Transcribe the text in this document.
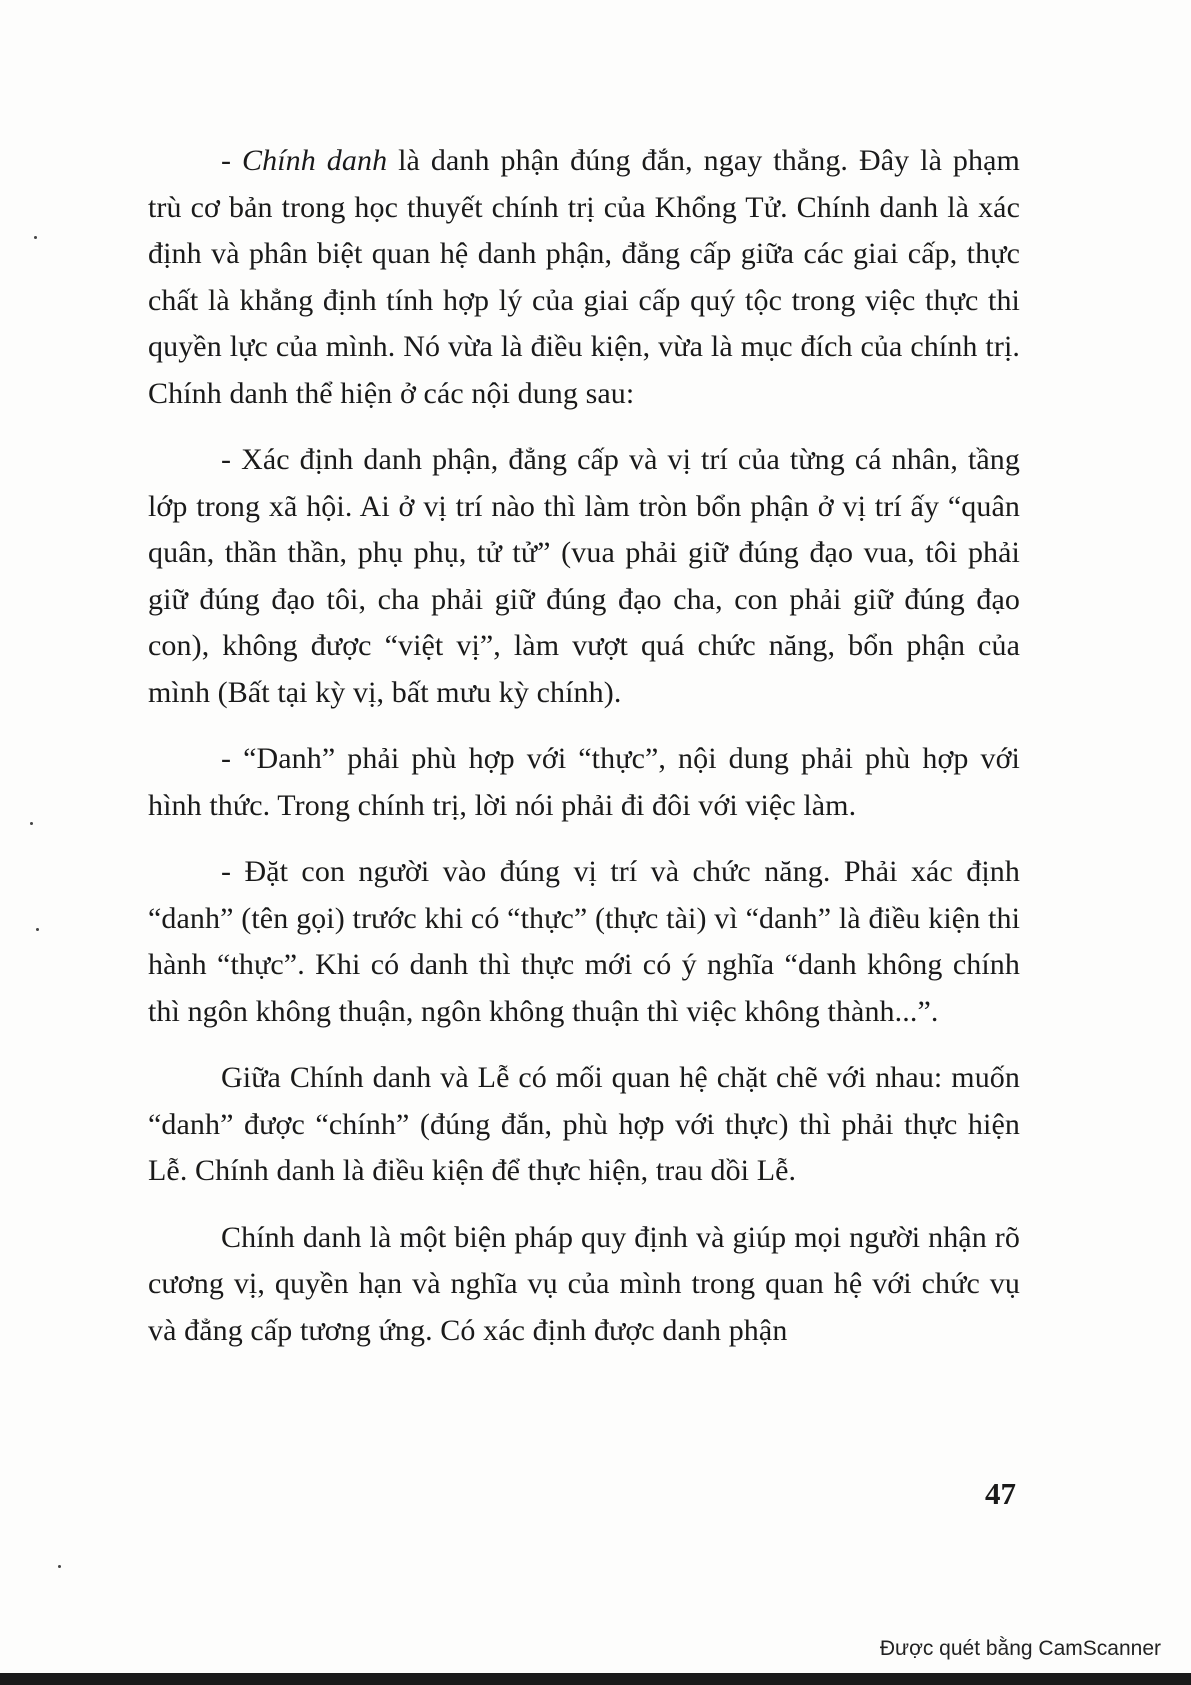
- Chính danh là danh phận đúng đắn, ngay thẳng. Đây là phạm trù cơ bản trong học thuyết chính trị của Khổng Tử. Chính danh là xác định và phân biệt quan hệ danh phận, đẳng cấp giữa các giai cấp, thực chất là khẳng định tính hợp lý của giai cấp quý tộc trong việc thực thi quyền lực của mình. Nó vừa là điều kiện, vừa là mục đích của chính trị. Chính danh thể hiện ở các nội dung sau:

- Xác định danh phận, đẳng cấp và vị trí của từng cá nhân, tầng lớp trong xã hội. Ai ở vị trí nào thì làm tròn bổn phận ở vị trí ấy “quân quân, thần thần, phụ phụ, tử tử” (vua phải giữ đúng đạo vua, tôi phải giữ đúng đạo tôi, cha phải giữ đúng đạo cha, con phải giữ đúng đạo con), không được “việt vị”, làm vượt quá chức năng, bổn phận của mình (Bất tại kỳ vị, bất mưu kỳ chính).

- “Danh” phải phù hợp với “thực”, nội dung phải phù hợp với hình thức. Trong chính trị, lời nói phải đi đôi với việc làm.

- Đặt con người vào đúng vị trí và chức năng. Phải xác định “danh” (tên gọi) trước khi có “thực” (thực tài) vì “danh” là điều kiện thi hành “thực”. Khi có danh thì thực mới có ý nghĩa “danh không chính thì ngôn không thuận, ngôn không thuận thì việc không thành...”.

Giữa Chính danh và Lễ có mối quan hệ chặt chẽ với nhau: muốn “danh” được “chính” (đúng đắn, phù hợp với thực) thì phải thực hiện Lễ. Chính danh là điều kiện để thực hiện, trau dồi Lễ.

Chính danh là một biện pháp quy định và giúp mọi người nhận rõ cương vị, quyền hạn và nghĩa vụ của mình trong quan hệ với chức vụ và đẳng cấp tương ứng. Có xác định được danh phận

47
Được quét bằng CamScanner
